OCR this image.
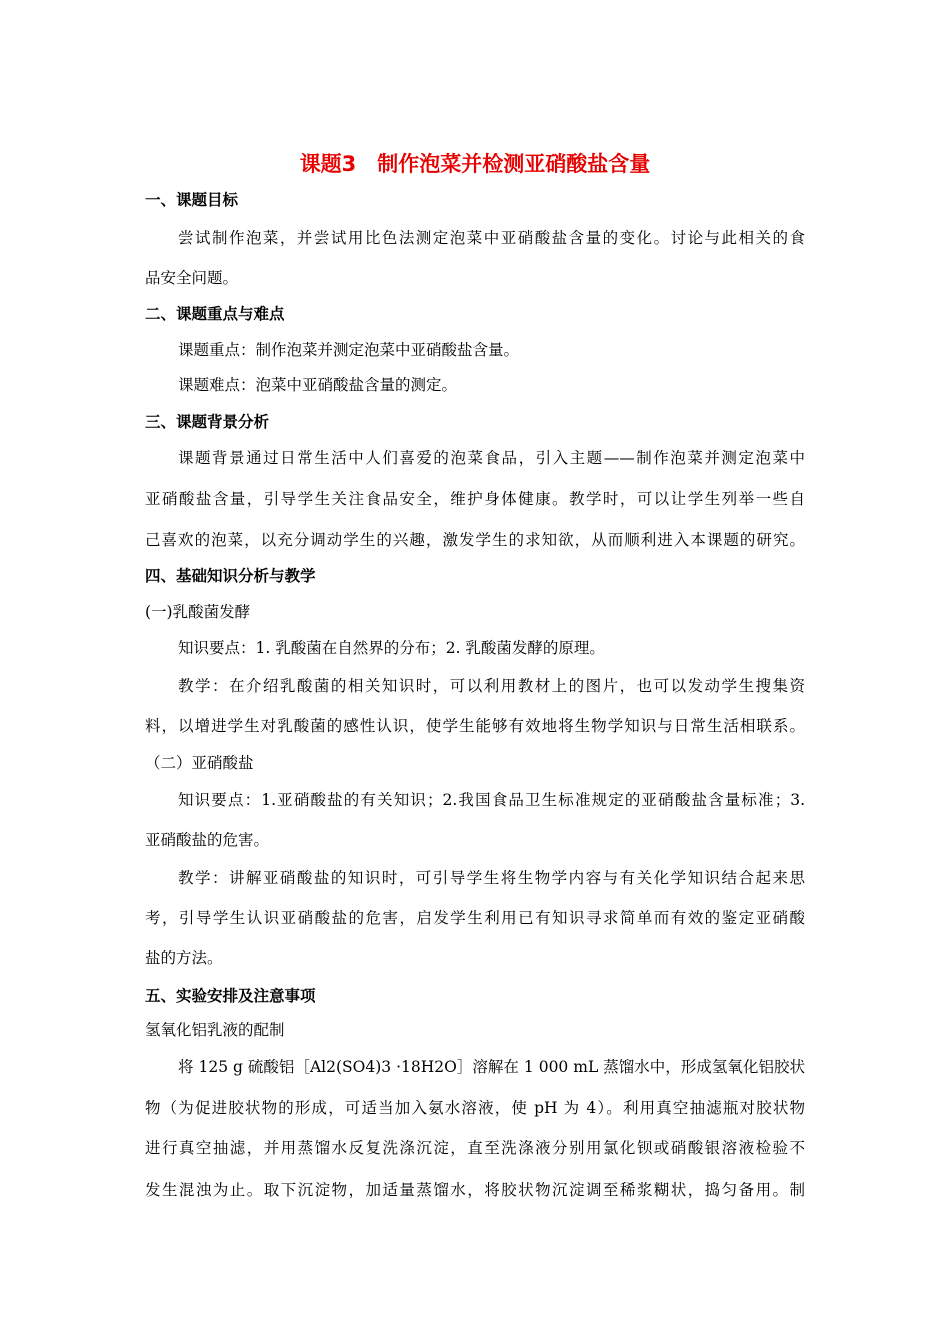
课题3　制作泡菜并检测亚硝酸盐含量
一、课题目标
尝试制作泡菜，并尝试用比色法测定泡菜中亚硝酸盐含量的变化。讨论与此相关的食
品安全问题。
二、课题重点与难点
课题重点：制作泡菜并测定泡菜中亚硝酸盐含量。
课题难点：泡菜中亚硝酸盐含量的测定。
三、课题背景分析
课题背景通过日常生活中人们喜爱的泡菜食品，引入主题——制作泡菜并测定泡菜中
亚硝酸盐含量，引导学生关注食品安全，维护身体健康。教学时，可以让学生列举一些自
己喜欢的泡菜，以充分调动学生的兴趣，激发学生的求知欲，从而顺利进入本课题的研究。
四、基础知识分析与教学
(一)乳酸菌发酵
知识要点：1. 乳酸菌在自然界的分布；2. 乳酸菌发酵的原理。
教学：在介绍乳酸菌的相关知识时，可以利用教材上的图片，也可以发动学生搜集资
料，以增进学生对乳酸菌的感性认识，使学生能够有效地将生物学知识与日常生活相联系。
（二）亚硝酸盐
知识要点：1.亚硝酸盐的有关知识；2.我国食品卫生标准规定的亚硝酸盐含量标准；3.
亚硝酸盐的危害。
教学：讲解亚硝酸盐的知识时，可引导学生将生物学内容与有关化学知识结合起来思
考，引导学生认识亚硝酸盐的危害，启发学生利用已有知识寻求简单而有效的鉴定亚硝酸
盐的方法。
五、实验安排及注意事项
氢氧化铝乳液的配制
将 125 g 硫酸铝［Al2(SO4)3 ·18H2O］溶解在 1 000 mL 蒸馏水中，形成氢氧化铝胶状
物（为促进胶状物的形成，可适当加入氨水溶液，使 pH 为 4）。利用真空抽滤瓶对胶状物
进行真空抽滤，并用蒸馏水反复洗涤沉淀，直至洗涤液分别用氯化钡或硝酸银溶液检验不
发生混浊为止。取下沉淀物，加适量蒸馏水，将胶状物沉淀调至稀浆糊状，捣匀备用。制
